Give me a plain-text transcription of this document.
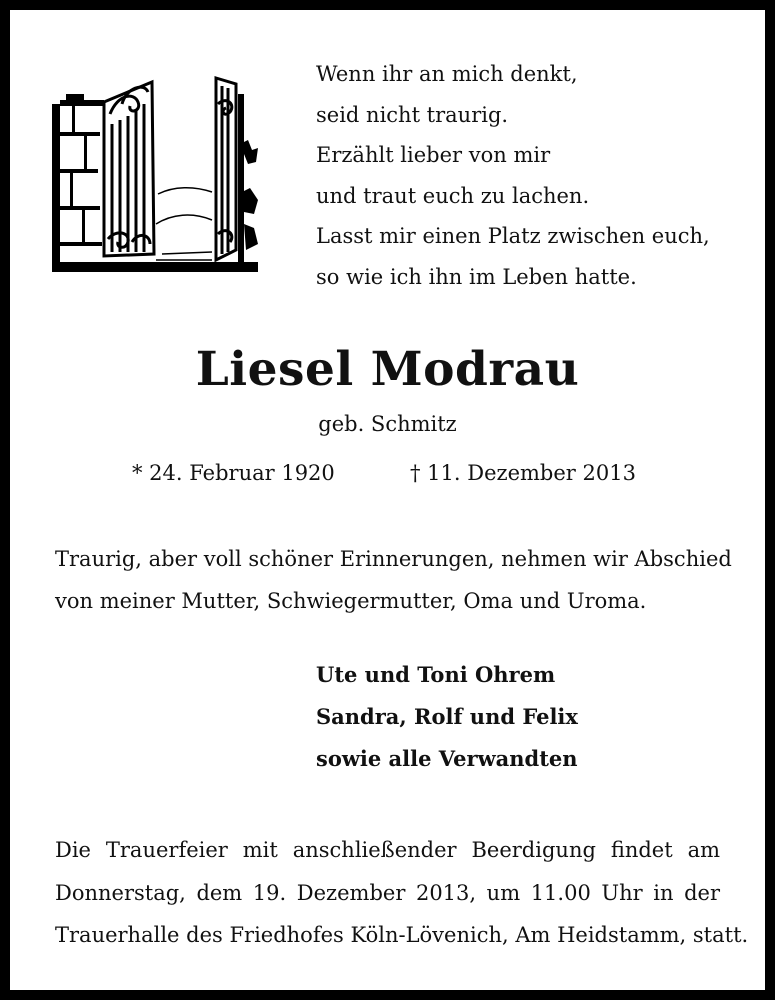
Wenn ihr an mich denkt,
seid nicht traurig.
Erzählt lieber von mir
und traut euch zu lachen.
Lasst mir einen Platz zwischen euch,
so wie ich ihn im Leben hatte.
Liesel Modrau
geb. Schmitz
* 24. Februar 1920	† 11. Dezember 2013
Traurig, aber voll schöner Erinnerungen, nehmen wir Abschied
von meiner Mutter, Schwiegermutter, Oma und Uroma.
Ute und Toni Ohrem
Sandra, Rolf und Felix
sowie alle Verwandten
Die Trauerfeier mit anschließender Beerdigung findet am
Donnerstag, dem 19. Dezember 2013, um 11.00 Uhr in der
Trauerhalle des Friedhofes Köln-Lövenich, Am Heidstamm, statt.
